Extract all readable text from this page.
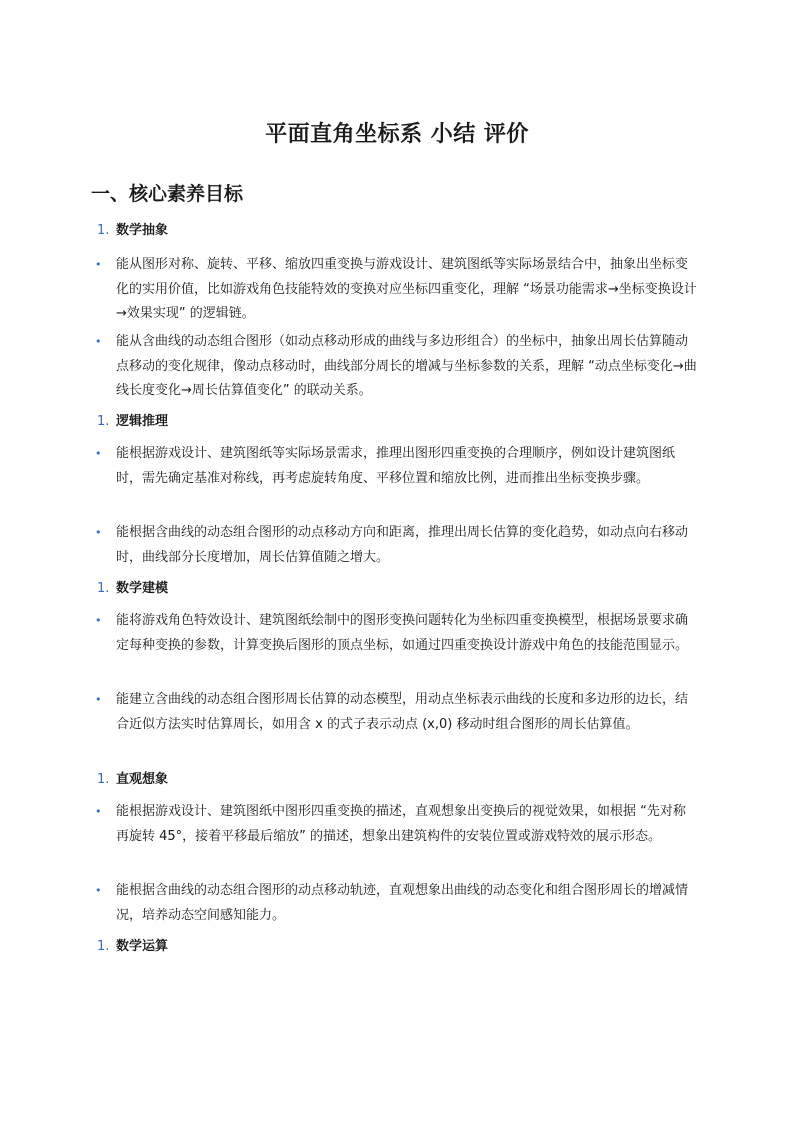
平面直角坐标系 小结 评价
一、核心素养目标
1. 数学抽象
• 能从图形对称、旋转、平移、缩放四重变换与游戏设计、建筑图纸等实际场景结合中，抽象出坐标变化的实用价值，比如游戏角色技能特效的变换对应坐标四重变化，理解 “场景功能需求→坐标变换设计→效果实现” 的逻辑链。
• 能从含曲线的动态组合图形（如动点移动形成的曲线与多边形组合）的坐标中，抽象出周长估算随动点移动的变化规律，像动点移动时，曲线部分周长的增减与坐标参数的关系，理解 “动点坐标变化→曲线长度变化→周长估算值变化” 的联动关系。
1. 逻辑推理
• 能根据游戏设计、建筑图纸等实际场景需求，推理出图形四重变换的合理顺序，例如设计建筑图纸时，需先确定基准对称线，再考虑旋转角度、平移位置和缩放比例，进而推出坐标变换步骤。
• 能根据含曲线的动态组合图形的动点移动方向和距离，推理出周长估算的变化趋势，如动点向右移动时，曲线部分长度增加，周长估算值随之增大。
1. 数学建模
• 能将游戏角色特效设计、建筑图纸绘制中的图形变换问题转化为坐标四重变换模型，根据场景要求确定每种变换的参数，计算变换后图形的顶点坐标，如通过四重变换设计游戏中角色的技能范围显示。
• 能建立含曲线的动态组合图形周长估算的动态模型，用动点坐标表示曲线的长度和多边形的边长，结合近似方法实时估算周长，如用含 x 的式子表示动点 (x,0) 移动时组合图形的周长估算值。
1. 直观想象
• 能根据游戏设计、建筑图纸中图形四重变换的描述，直观想象出变换后的视觉效果，如根据 “先对称再旋转 45°，接着平移最后缩放” 的描述，想象出建筑构件的安装位置或游戏特效的展示形态。
• 能根据含曲线的动态组合图形的动点移动轨迹，直观想象出曲线的动态变化和组合图形周长的增减情况，培养动态空间感知能力。
1. 数学运算
